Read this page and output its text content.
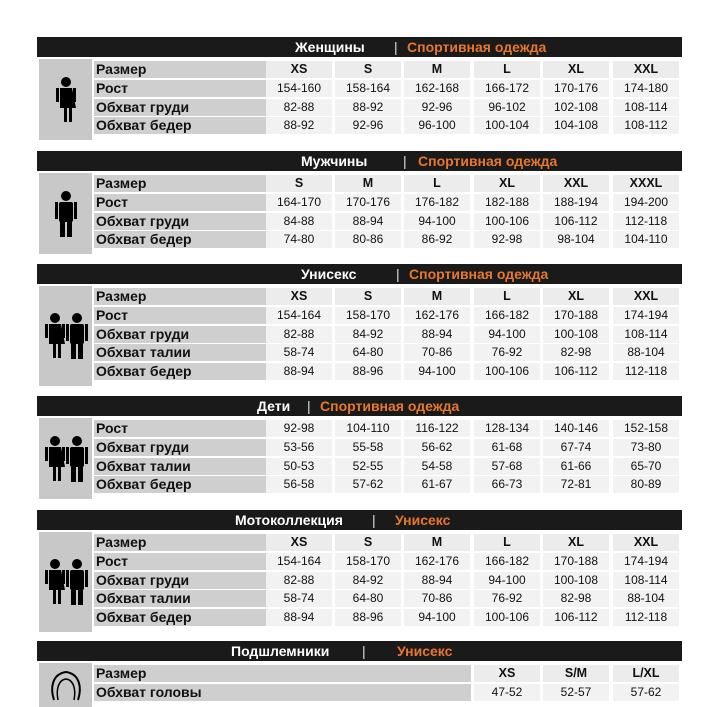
Женщины | Спортивная одежда
Размер	XS	S	M	L	XL	XXL
Рост	154-160	158-164	162-168	166-172	170-176	174-180
Обхват груди	82-88	88-92	92-96	96-102	102-108	108-114
Обхват бедер	88-92	92-96	96-100	100-104	104-108	108-112
Мужчины	| Спортивная одежда
Размер	S	M	L	XL	XXL	XXXL
Рост	164-170	170-176	176-182	182-188	188-194	194-200
Обхват груди	84-88	88-94	94-100	100-106	106-112	112-118
Обхват бедер	74-80	80-86	86-92	92-98	98-104	104-110
Унисекс	| Спортивная одежда
Размер	XS	S	M	L	XL	XXL
Рост	154-164	158-170	162-176	166-182	170-188	174-194
Обхват груди	82-88	84-92	88-94	94-100	100-108	108-114
Обхват талии	58-74	64-80	70-86	76-92	82-98	88-104
Обхват бедер	88-94	88-96	94-100	100-106	106-112	112-118
Дети | Спортивная одежда
Рост	92-98	104-110	116-122	128-134	140-146	152-158
Обхват груди	53-56	55-58	56-62	61-68	67-74	73-80
Обхват талии	50-53	52-55	54-58	57-68	61-66	65-70
Обхват бедер	56-58	57-62	61-67	66-73	72-81	80-89
Мотоколлекция | Унисекс
Размер	XS	S	M	L	XL	XXL
Рост	154-164	158-170	162-176	166-182	170-188	174-194
Обхват груди	82-88	84-92	88-94	94-100	100-108	108-114
Обхват талии	58-74	64-80	70-86	76-92	82-98	88-104
Обхват бедер	88-94	88-96	94-100	100-106	106-112	112-118
Подшлемники | Унисекс
Размер	XS	S/M	L/XL
Обхват головы	47-52	52-57	57-62
